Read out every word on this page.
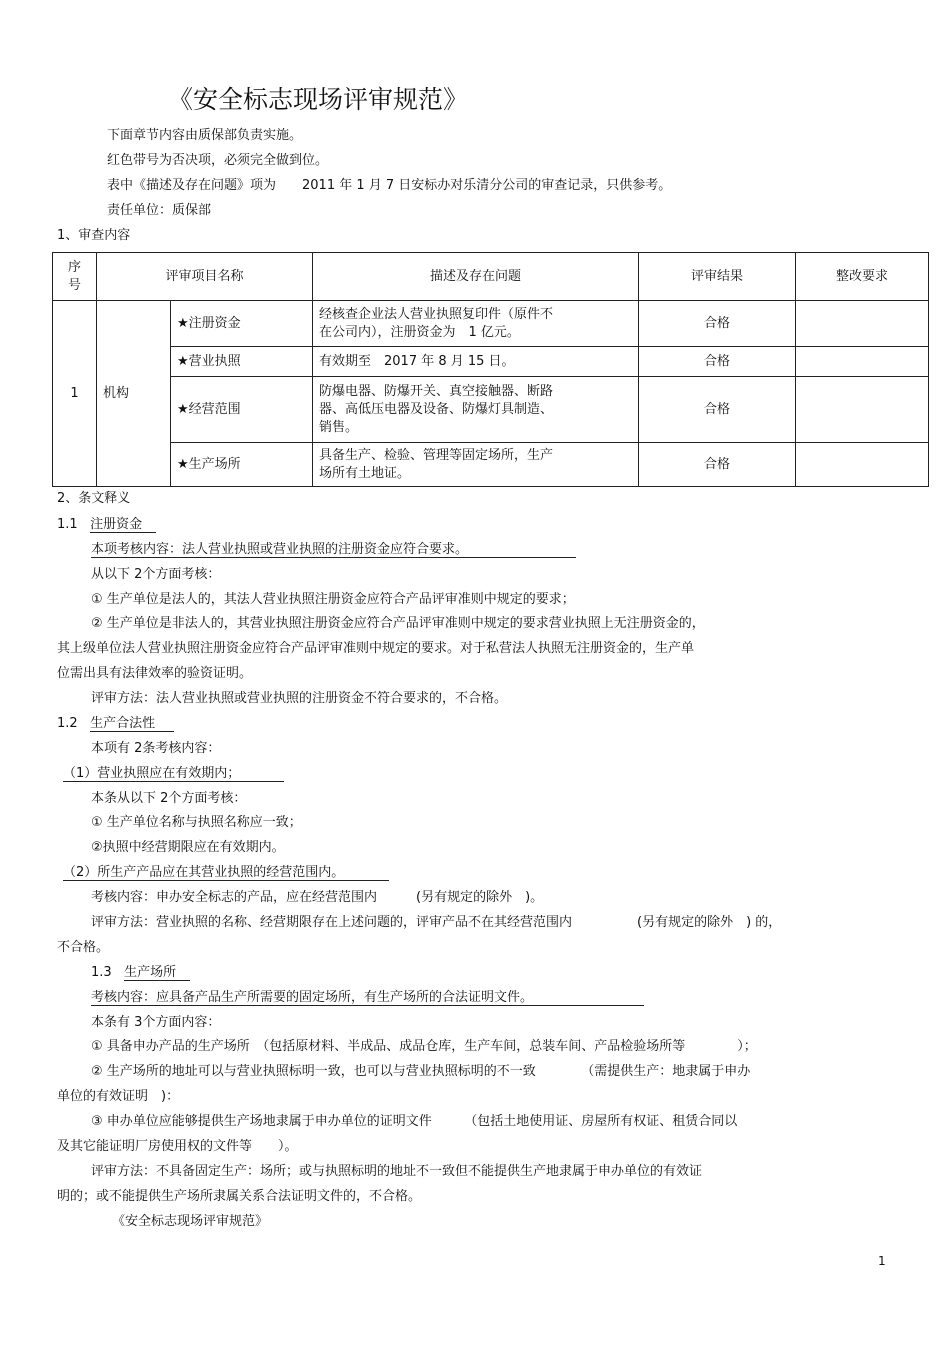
《安全标志现场评审规范》
下面章节内容由质保部负责实施。
红色带号为否决项，必须完全做到位。
表中《描述及存在问题》项为　　2011 年 1 月 7 日安标办对乐清分公司的审查记录，只供参考。
责任单位：质保部
1、审查内容
序号	评审项目名称		描述及存在问题	评审结果	整改要求
1	机构	★注册资金	经核查企业法人营业执照复印件（原件不
在公司内），注册资金为　1 亿元。	合格	
		★营业执照	有效期至　2017 年 8 月 15 日。	合格	
		★经营范围	防爆电器、防爆开关、真空接触器、断路
器、高低压电器及设备、防爆灯具制造、
销售。	合格	
		★生产场所	具备生产、检验、管理等固定场所，生产
场所有土地证。	合格	
2、条文释义
1.1 注册资金
本项考核内容：法人营业执照或营业执照的注册资金应符合要求。
从以下 2个方面考核：
① 生产单位是法人的，其法人营业执照注册资金应符合产品评审准则中规定的要求；
② 生产单位是非法人的，其营业执照注册资金应符合产品评审准则中规定的要求营业执照上无注册资金的，
其上级单位法人营业执照注册资金应符合产品评审准则中规定的要求。对于私营法人执照无注册资金的，生产单
位需出具有法律效率的验资证明。
评审方法：法人营业执照或营业执照的注册资金不符合要求的，不合格。
1.2 生产合法性
本项有 2条考核内容：
（1）营业执照应在有效期内；
本条从以下 2个方面考核：
① 生产单位名称与执照名称应一致；
②执照中经营期限应在有效期内。
（2）所生产产品应在其营业执照的经营范围内。
考核内容：申办安全标志的产品，应在经营范围内　　　(另有规定的除外　)。
评审方法：营业执照的名称、经营期限存在上述问题的，评审产品不在其经营范围内　　　　　(另有规定的除外　) 的，
不合格。
1.3 生产场所
考核内容：应具备产品生产所需要的固定场所，有生产场所的合法证明文件。
本条有 3个方面内容：
① 具备申办产品的生产场所　（包括原材料、半成品、成品仓库，生产车间，总装车间、产品检验场所等　　　　）；
② 生产场所的地址可以与营业执照标明一致，也可以与营业执照标明的不一致　　　　（需提供生产：地隶属于申办
单位的有效证明　)：
③ 申办单位应能够提供生产场地隶属于申办单位的证明文件　　　（包括土地使用证、房屋所有权证、租赁合同以
及其它能证明厂房使用权的文件等　　）。
评审方法：不具备固定生产：场所；或与执照标明的地址不一致但不能提供生产地隶属于申办单位的有效证
明的；或不能提供生产场所隶属关系合法证明文件的，不合格。
《安全标志现场评审规范》
1
